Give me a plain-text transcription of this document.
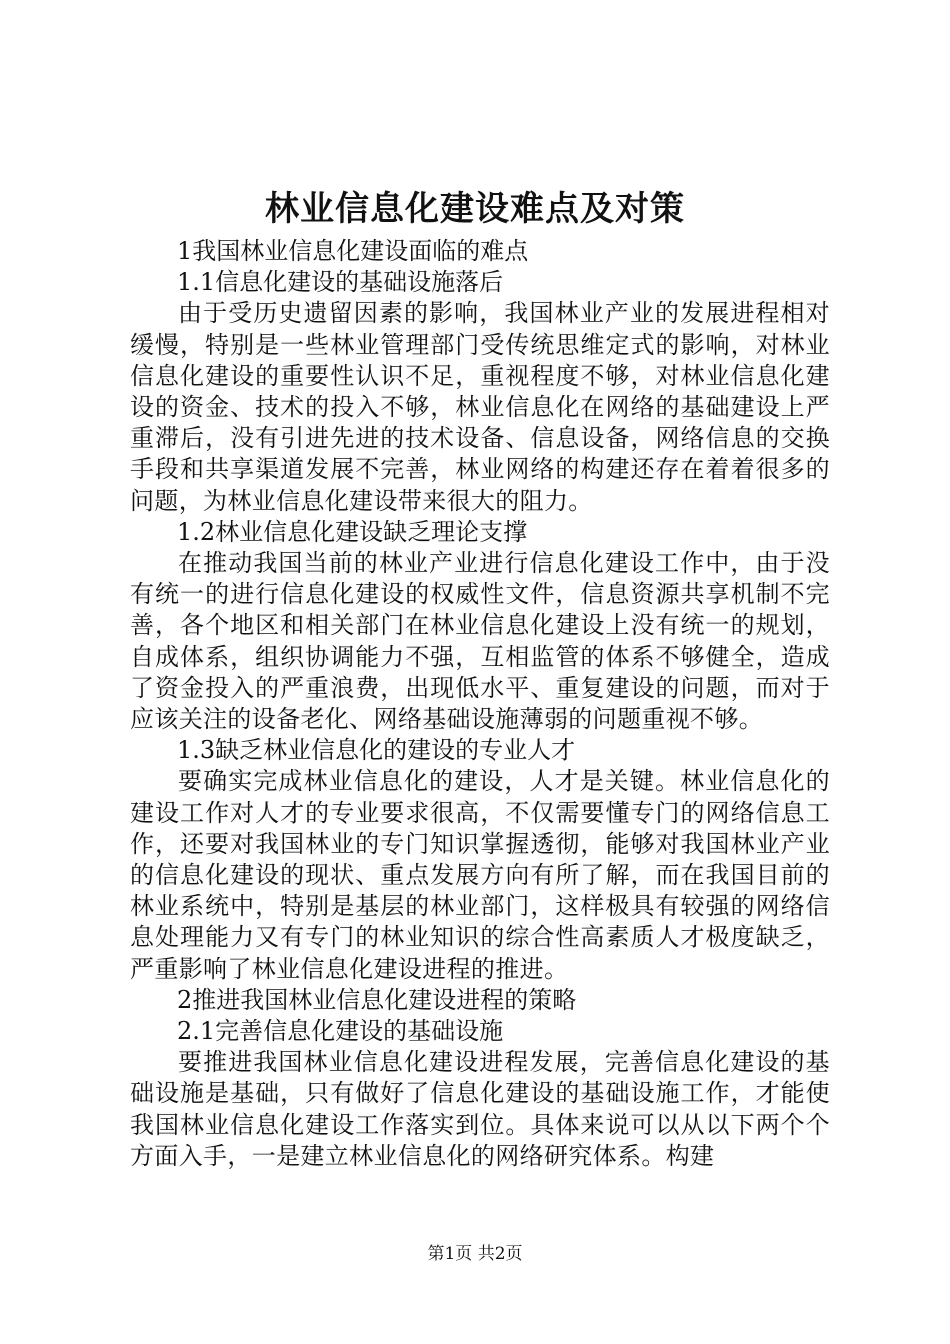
林业信息化建设难点及对策

1我国林业信息化建设面临的难点

1.1信息化建设的基础设施落后

由于受历史遗留因素的影响，我国林业产业的发展进程相对缓慢，特别是一些林业管理部门受传统思维定式的影响，对林业信息化建设的重要性认识不足，重视程度不够，对林业信息化建设的资金、技术的投入不够，林业信息化在网络的基础建设上严重滞后，没有引进先进的技术设备、信息设备，网络信息的交换手段和共享渠道发展不完善，林业网络的构建还存在着着很多的问题，为林业信息化建设带来很大的阻力。

1.2林业信息化建设缺乏理论支撑

在推动我国当前的林业产业进行信息化建设工作中，由于没有统一的进行信息化建设的权威性文件，信息资源共享机制不完善，各个地区和相关部门在林业信息化建设上没有统一的规划，自成体系，组织协调能力不强，互相监管的体系不够健全，造成了资金投入的严重浪费，出现低水平、重复建设的问题，而对于应该关注的设备老化、网络基础设施薄弱的问题重视不够。

1.3缺乏林业信息化的建设的专业人才

要确实完成林业信息化的建设，人才是关键。林业信息化的建设工作对人才的专业要求很高，不仅需要懂专门的网络信息工作，还要对我国林业的专门知识掌握透彻，能够对我国林业产业的信息化建设的现状、重点发展方向有所了解，而在我国目前的林业系统中，特别是基层的林业部门，这样极具有较强的网络信息处理能力又有专门的林业知识的综合性高素质人才极度缺乏，严重影响了林业信息化建设进程的推进。

2推进我国林业信息化建设进程的策略

2.1完善信息化建设的基础设施

要推进我国林业信息化建设进程发展，完善信息化建设的基础设施是基础，只有做好了信息化建设的基础设施工作，才能使我国林业信息化建设工作落实到位。具体来说可以从以下两个个方面入手，一是建立林业信息化的网络研究体系。构建

第1页 共2页
